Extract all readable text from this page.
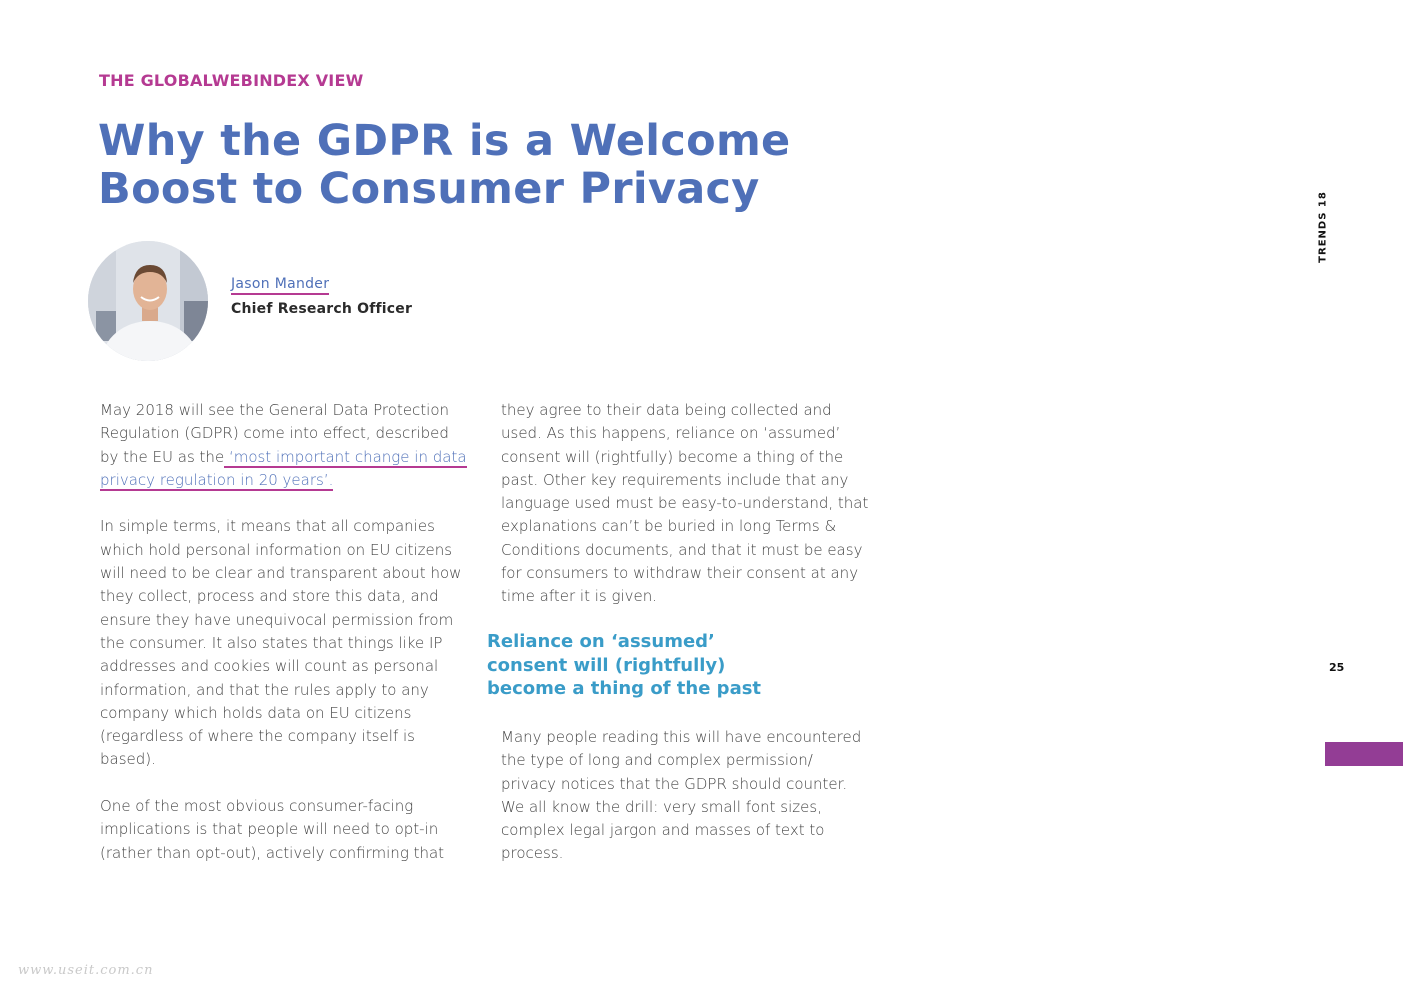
THE GLOBALWEBINDEX VIEW
Why the GDPR is a Welcome
Boost to Consumer Privacy
Jason Mander
Chief Research Officer

May 2018 will see the General Data Protection
Regulation (GDPR) come into effect, described
by the EU as the ‘most important change in data
privacy regulation in 20 years’.

In simple terms, it means that all companies
which hold personal information on EU citizens
will need to be clear and transparent about how
they collect, process and store this data, and
ensure they have unequivocal permission from
the consumer. It also states that things like IP
addresses and cookies will count as personal
information, and that the rules apply to any
company which holds data on EU citizens
(regardless of where the company itself is
based).

One of the most obvious consumer-facing
implications is that people will need to opt-in
(rather than opt-out), actively confirming that

they agree to their data being collected and
used. As this happens, reliance on ‘assumed’
consent will (rightfully) become a thing of the
past. Other key requirements include that any
language used must be easy-to-understand, that
explanations can’t be buried in long Terms &
Conditions documents, and that it must be easy
for consumers to withdraw their consent at any
time after it is given.

Reliance on ‘assumed’
consent will (rightfully)
become a thing of the past

Many people reading this will have encountered
the type of long and complex permission/
privacy notices that the GDPR should counter.
We all know the drill: very small font sizes,
complex legal jargon and masses of text to
process.

TRENDS 18
25
www.useit.com.cn
